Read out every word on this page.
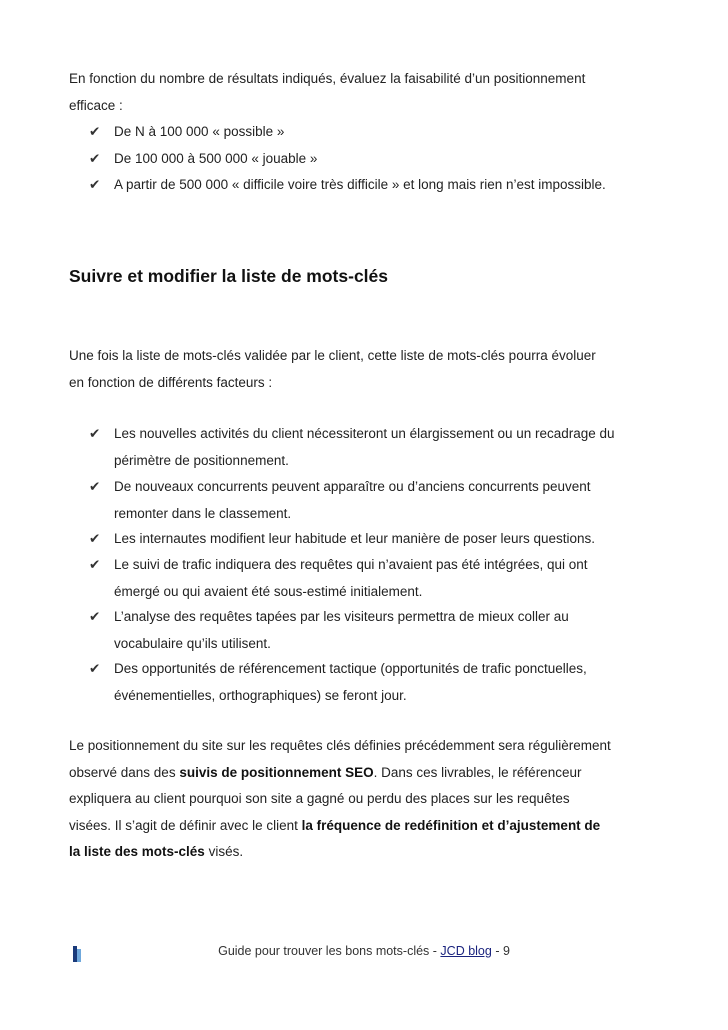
En fonction du nombre de résultats indiqués, évaluez la faisabilité d’un positionnement
efficace :
✔	De N à 100 000 « possible »
✔	De 100 000 à 500 000 « jouable »
✔	A partir de 500 000 « difficile voire très difficile » et long mais rien n’est impossible.
Suivre et modifier la liste de mots-clés
Une fois la liste de mots-clés validée par le client, cette liste de mots-clés pourra évoluer
en fonction de différents facteurs :
✔	Les nouvelles activités du client nécessiteront un élargissement ou un recadrage du
périmètre de positionnement.
✔	De nouveaux concurrents peuvent apparaître ou d’anciens concurrents peuvent
remonter dans le classement.
✔	Les internautes modifient leur habitude et leur manière de poser leurs questions.
✔	Le suivi de trafic indiquera des requêtes qui n’avaient pas été intégrées, qui ont
émergé ou qui avaient été sous-estimé initialement.
✔	L’analyse des requêtes tapées par les visiteurs permettra de mieux coller au
vocabulaire qu’ils utilisent.
✔	Des opportunités de référencement tactique (opportunités de trafic ponctuelles,
événementielles, orthographiques) se feront jour.
Le positionnement du site sur les requêtes clés définies précédemment sera régulièrement
observé dans des suivis de positionnement SEO. Dans ces livrables, le référenceur
expliquera au client pourquoi son site a gagné ou perdu des places sur les requêtes
visées. Il s’agit de définir avec le client la fréquence de redéfinition et d’ajustement de
la liste des mots-clés visés.
Guide pour trouver les bons mots-clés - JCD blog - 9
